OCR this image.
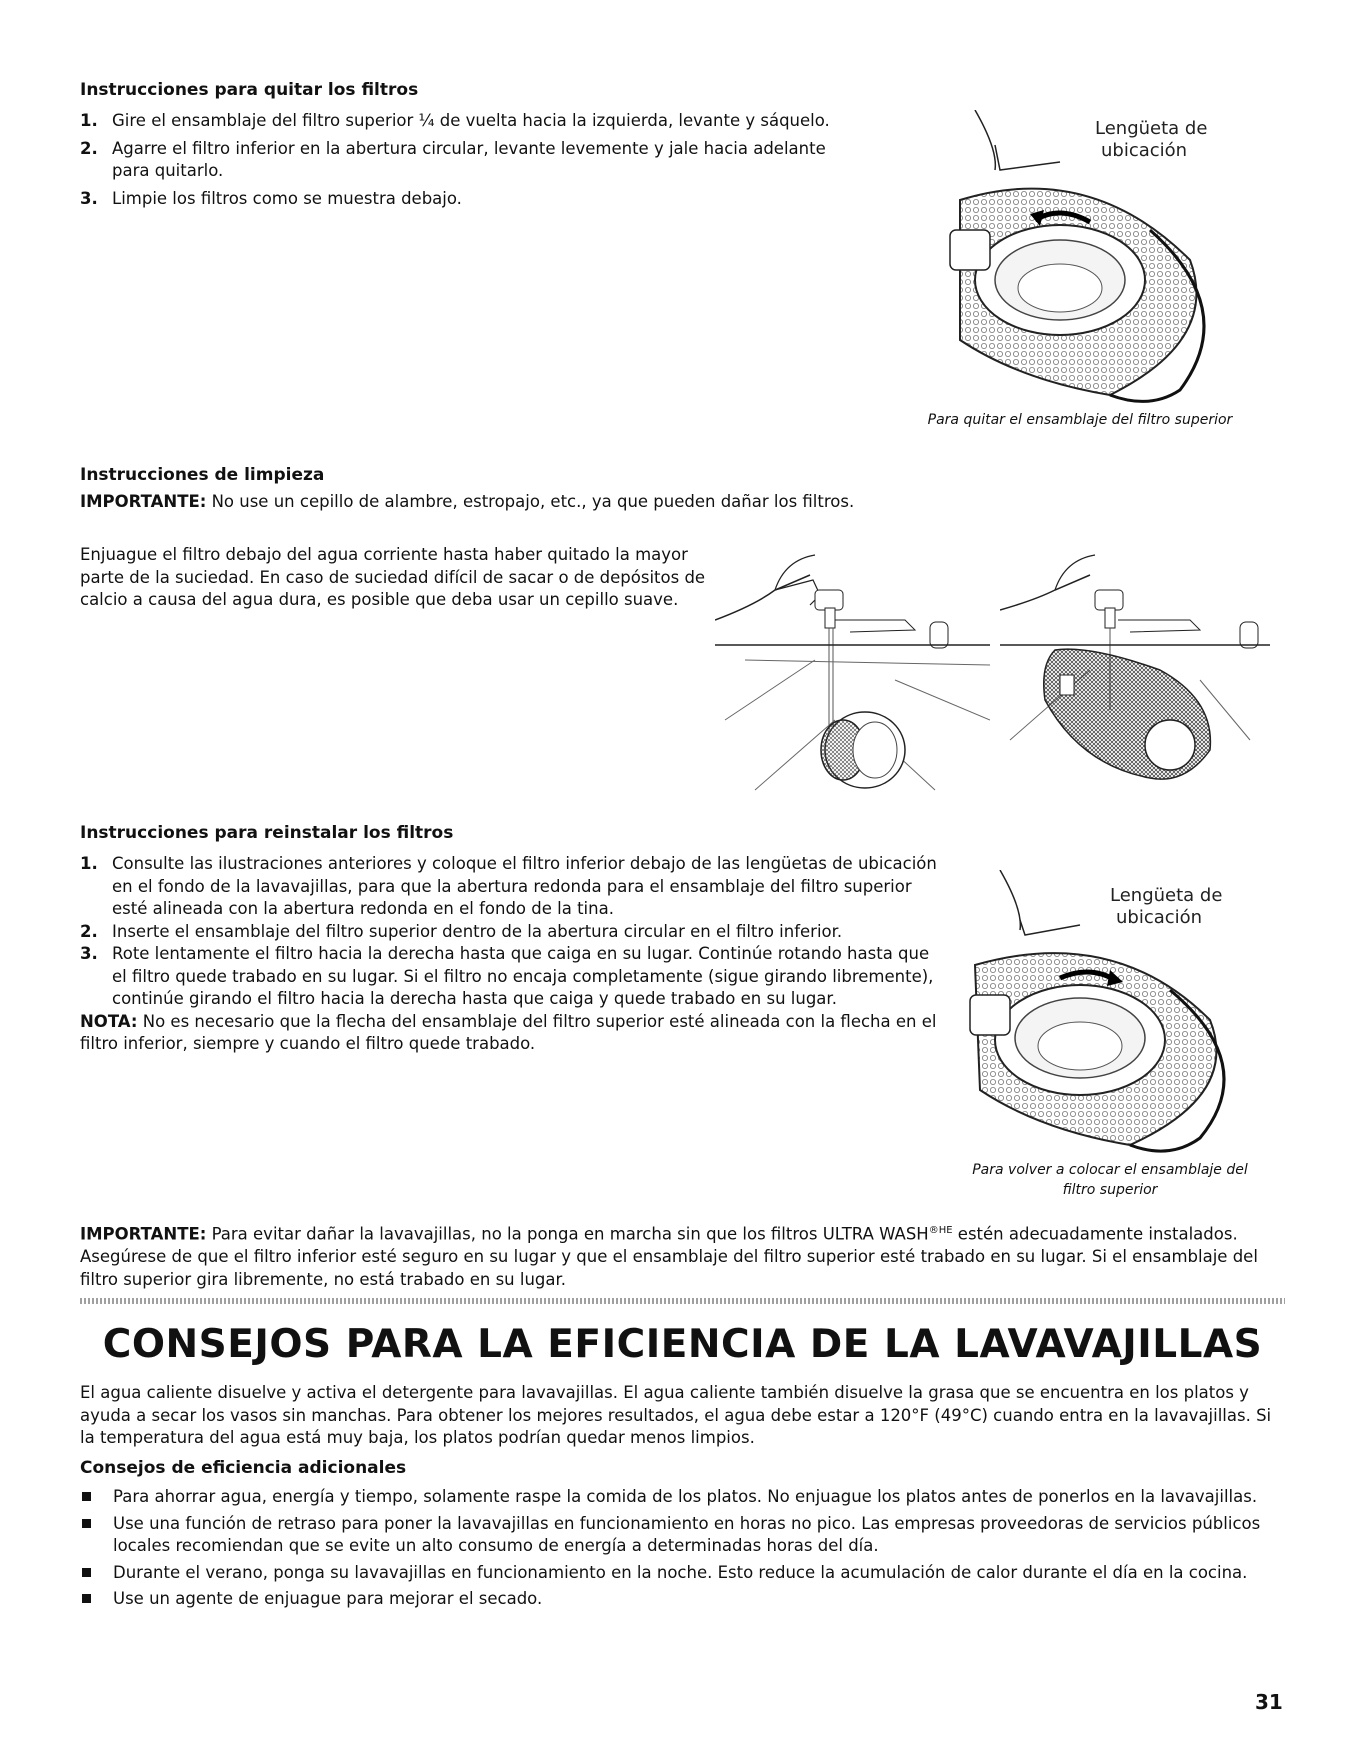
Instrucciones para quitar los filtros
1. Gire el ensamblaje del filtro superior ¼ de vuelta hacia la izquierda, levante y sáquelo.
2. Agarre el filtro inferior en la abertura circular, levante levemente y jale hacia adelante para quitarlo.
3. Limpie los filtros como se muestra debajo.
Lengüeta de
ubicación
Para quitar el ensamblaje del filtro superior
Instrucciones de limpieza

IMPORTANTE: No use un cepillo de alambre, estropajo, etc., ya que pueden dañar los filtros.

Enjuague el filtro debajo del agua corriente hasta haber quitado la mayor parte de la suciedad. En caso de suciedad difícil de sacar o de depósitos de calcio a causa del agua dura, es posible que deba usar un cepillo suave.
Instrucciones para reinstalar los filtros
1. Consulte las ilustraciones anteriores y coloque el filtro inferior debajo de las lengüetas de ubicación en el fondo de la lavavajillas, para que la abertura redonda para el ensamblaje del filtro superior esté alineada con la abertura redonda en el fondo de la tina.
2. Inserte el ensamblaje del filtro superior dentro de la abertura circular en el filtro inferior.
3. Rote lentamente el filtro hacia la derecha hasta que caiga en su lugar. Continúe rotando hasta que el filtro quede trabado en su lugar. Si el filtro no encaja completamente (sigue girando libremente), continúe girando el filtro hacia la derecha hasta que caiga y quede trabado en su lugar.

NOTA: No es necesario que la flecha del ensamblaje del filtro superior esté alineada con la flecha en el filtro inferior, siempre y cuando el filtro quede trabado.

Lengüeta de
ubicación
Para volver a colocar el ensamblaje del
filtro superior
IMPORTANTE: Para evitar dañar la lavavajillas, no la ponga en marcha sin que los filtros ULTRA $WASH^{®HE}$ estén adecuadamente instalados. Asegúrese de que el filtro inferior esté seguro en su lugar y que el ensamblaje del filtro superior esté trabado en su lugar. Si el ensamblaje del filtro superior gira libremente, no está trabado en su lugar.
CONSEJOS PARA LA EFICIENCIA DE LA LAVAVAJILLAS
El agua caliente disuelve y activa el detergente para lavavajillas. El agua caliente también disuelve la grasa que se encuentra en los platos y ayuda a secar los vasos sin manchas. Para obtener los mejores resultados, el agua debe estar a 120°F (49°C) cuando entra en la lavavajillas. Si la temperatura del agua está muy baja, los platos podrían quedar menos limpios.
Consejos de eficiencia adicionales
Para ahorrar agua, energía y tiempo, solamente raspe la comida de los platos. No enjuague los platos antes de ponerlos en la lavavajillas.
Use una función de retraso para poner la lavavajillas en funcionamiento en horas no pico. Las empresas proveedoras de servicios públicos locales recomiendan que se evite un alto consumo de energía a determinadas horas del día.
Durante el verano, ponga su lavavajillas en funcionamiento en la noche. Esto reduce la acumulación de calor durante el día en la cocina.
Use un agente de enjuague para mejorar el secado.
31
